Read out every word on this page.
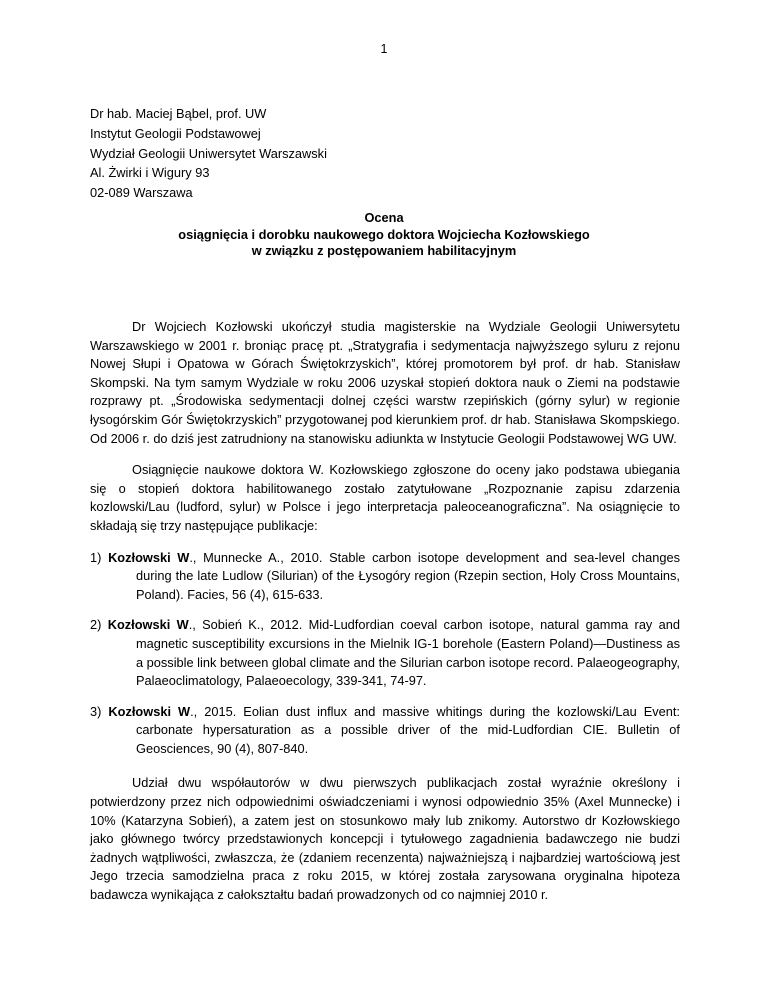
1
Dr hab. Maciej Bąbel, prof. UW
Instytut Geologii Podstawowej
Wydział Geologii Uniwersytet Warszawski
Al. Żwirki i Wigury 93
02-089 Warszawa
Ocena
osiągnięcia i dorobku naukowego doktora Wojciecha Kozłowskiego
w związku z postępowaniem habilitacyjnym

Dr Wojciech Kozłowski ukończył studia magisterskie na Wydziale Geologii Uniwersytetu Warszawskiego w 2001 r. broniąc pracę pt. „Stratygrafia i sedymentacja najwyższego syluru z rejonu Nowej Słupi i Opatowa w Górach Świętokrzyskich”, której promotorem był prof. dr hab. Stanisław Skompski. Na tym samym Wydziale w roku 2006 uzyskał stopień doktora nauk o Ziemi na podstawie rozprawy pt. „Środowiska sedymentacji dolnej części warstw rzepińskich (górny sylur) w regionie łysogórskim Gór Świętokrzyskich” przygotowanej pod kierunkiem prof. dr hab. Stanisława Skompskiego. Od 2006 r. do dziś jest zatrudniony na stanowisku adiunkta w Instytucie Geologii Podstawowej WG UW.

Osiągnięcie naukowe doktora W. Kozłowskiego zgłoszone do oceny jako podstawa ubiegania się o stopień doktora habilitowanego zostało zatytułowane „Rozpoznanie zapisu zdarzenia kozlowski/Lau (ludford, sylur) w Polsce i jego interpretacja paleoceanograficzna”. Na osiągnięcie to składają się trzy następujące publikacje:

1) Kozłowski W., Munnecke A., 2010. Stable carbon isotope development and sea-level changes during the late Ludlow (Silurian) of the Łysogóry region (Rzepin section, Holy Cross Mountains, Poland). Facies, 56 (4), 615-633.
2) Kozłowski W., Sobień K., 2012. Mid-Ludfordian coeval carbon isotope, natural gamma ray and magnetic susceptibility excursions in the Mielnik IG-1 borehole (Eastern Poland)—Dustiness as a possible link between global climate and the Silurian carbon isotope record. Palaeogeography, Palaeoclimatology, Palaeoecology, 339-341, 74-97.
3) Kozłowski W., 2015. Eolian dust influx and massive whitings during the kozlowski/Lau Event: carbonate hypersaturation as a possible driver of the mid-Ludfordian CIE. Bulletin of Geosciences, 90 (4), 807-840.

Udział dwu współautorów w dwu pierwszych publikacjach został wyraźnie określony i potwierdzony przez nich odpowiednimi oświadczeniami i wynosi odpowiednio 35% (Axel Munnecke) i 10% (Katarzyna Sobień), a zatem jest on stosunkowo mały lub znikomy. Autorstwo dr Kozłowskiego jako głównego twórcy przedstawionych koncepcji i tytułowego zagadnienia badawczego nie budzi żadnych wątpliwości, zwłaszcza, że (zdaniem recenzenta) najważniejszą i najbardziej wartościową jest Jego trzecia samodzielna praca z roku 2015, w której została zarysowana oryginalna hipoteza badawcza wynikająca z całokształtu badań prowadzonych od co najmniej 2010 r.
